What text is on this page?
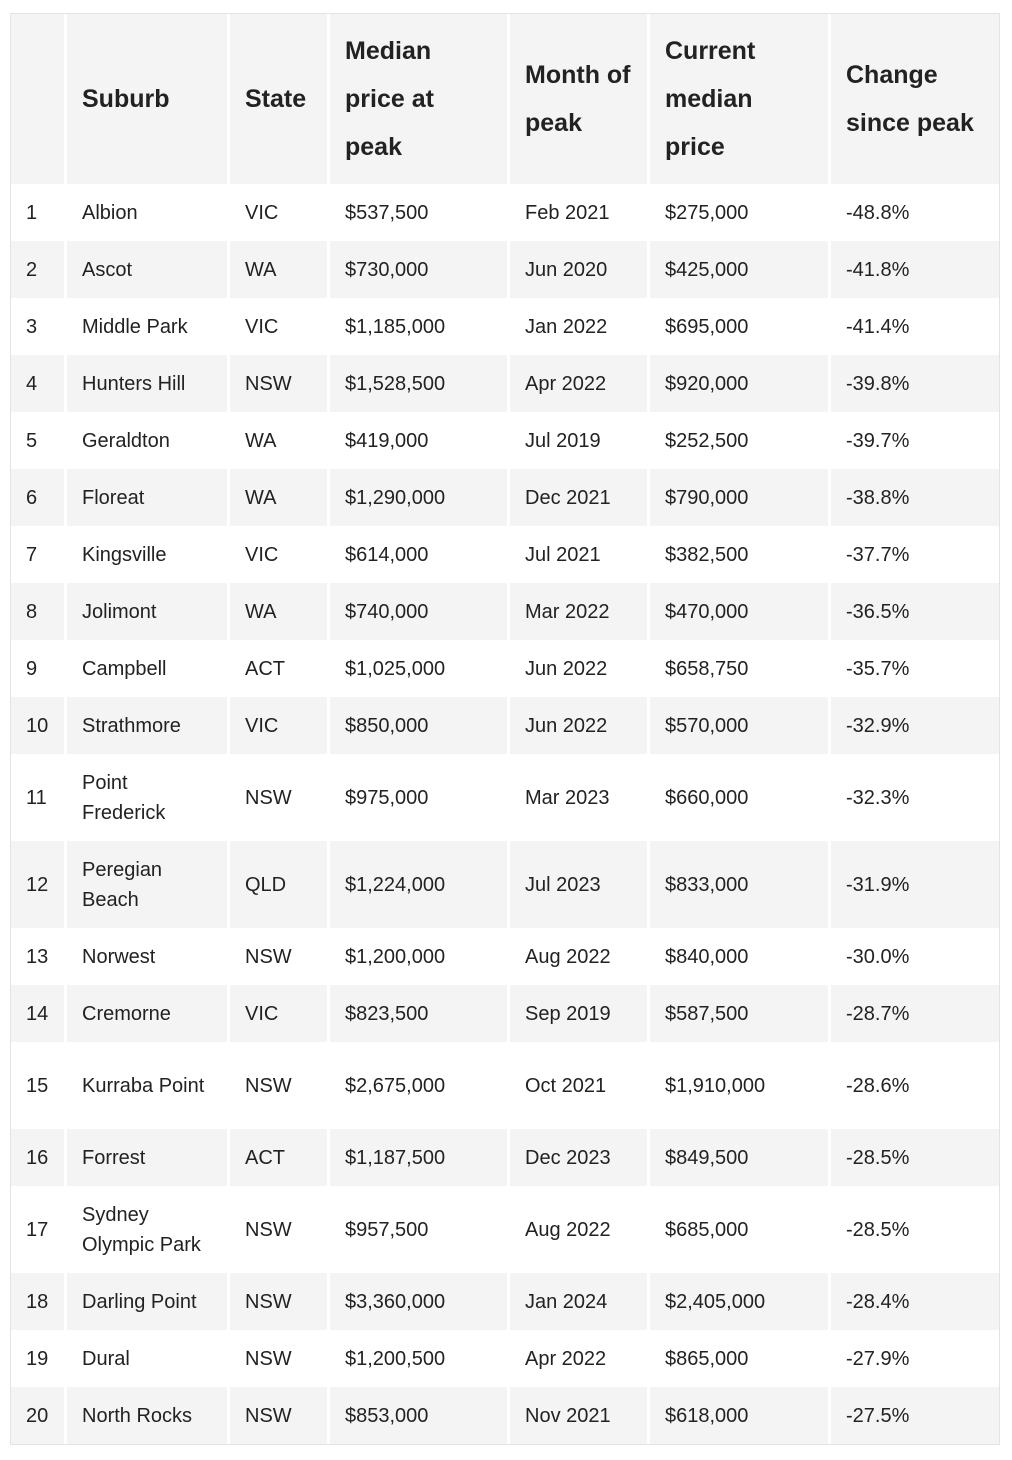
	Suburb	State	Median price at peak	Month of peak	Current median price	Change since peak
1	Albion	VIC	$537,500	Feb 2021	$275,000	-48.8%
2	Ascot	WA	$730,000	Jun 2020	$425,000	-41.8%
3	Middle Park	VIC	$1,185,000	Jan 2022	$695,000	-41.4%
4	Hunters Hill	NSW	$1,528,500	Apr 2022	$920,000	-39.8%
5	Geraldton	WA	$419,000	Jul 2019	$252,500	-39.7%
6	Floreat	WA	$1,290,000	Dec 2021	$790,000	-38.8%
7	Kingsville	VIC	$614,000	Jul 2021	$382,500	-37.7%
8	Jolimont	WA	$740,000	Mar 2022	$470,000	-36.5%
9	Campbell	ACT	$1,025,000	Jun 2022	$658,750	-35.7%
10	Strathmore	VIC	$850,000	Jun 2022	$570,000	-32.9%
11	Point Frederick	NSW	$975,000	Mar 2023	$660,000	-32.3%
12	Peregian Beach	QLD	$1,224,000	Jul 2023	$833,000	-31.9%
13	Norwest	NSW	$1,200,000	Aug 2022	$840,000	-30.0%
14	Cremorne	VIC	$823,500	Sep 2019	$587,500	-28.7%
15	Kurraba Point	NSW	$2,675,000	Oct 2021	$1,910,000	-28.6%
16	Forrest	ACT	$1,187,500	Dec 2023	$849,500	-28.5%
17	Sydney Olympic Park	NSW	$957,500	Aug 2022	$685,000	-28.5%
18	Darling Point	NSW	$3,360,000	Jan 2024	$2,405,000	-28.4%
19	Dural	NSW	$1,200,500	Apr 2022	$865,000	-27.9%
20	North Rocks	NSW	$853,000	Nov 2021	$618,000	-27.5%
